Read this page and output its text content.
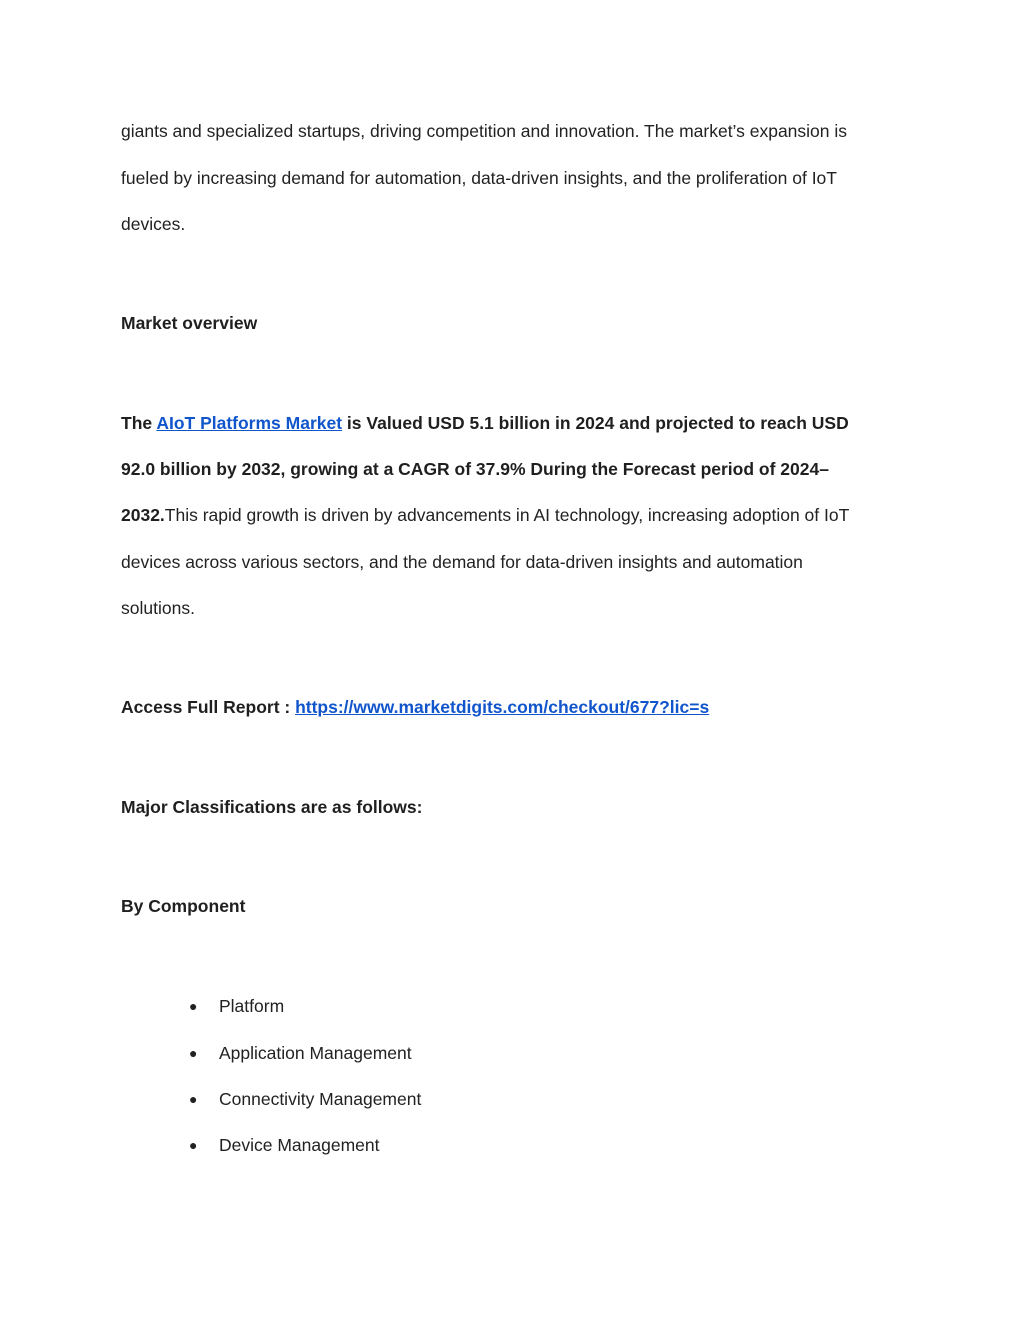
giants and specialized startups, driving competition and innovation. The market’s expansion is
fueled by increasing demand for automation, data-driven insights, and the proliferation of IoT
devices.
Market overview
The AIoT Platforms Market is Valued USD 5.1 billion in 2024 and projected to reach USD
92.0 billion by 2032, growing at a CAGR of 37.9% During the Forecast period of 2024–
2032.This rapid growth is driven by advancements in AI technology, increasing adoption of IoT
devices across various sectors, and the demand for data-driven insights and automation
solutions.
Access Full Report : https://www.marketdigits.com/checkout/677?lic=s
Major Classifications are as follows:
By Component
● Platform
● Application Management
● Connectivity Management
● Device Management
